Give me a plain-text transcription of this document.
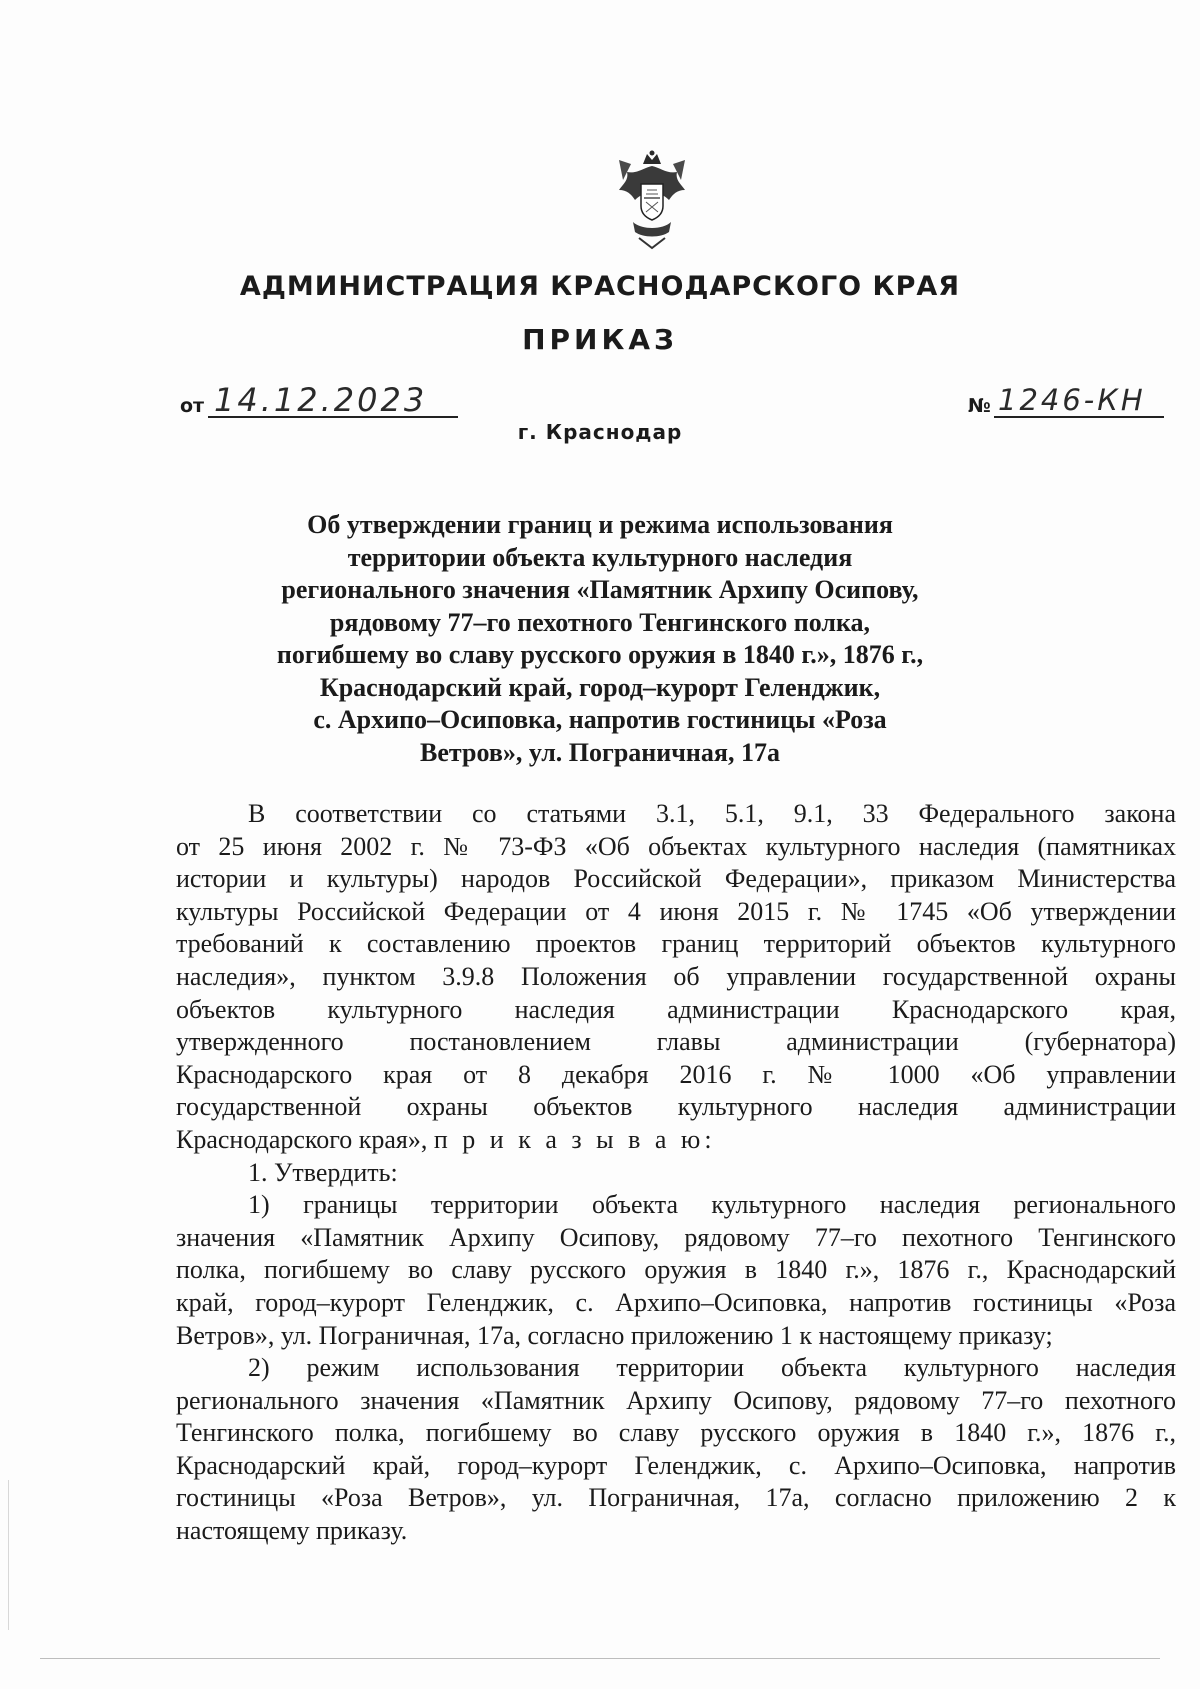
АДМИНИСТРАЦИЯ КРАСНОДАРСКОГО КРАЯ
ПРИКАЗ
от 14.12.2023	№ 1246-КН
г. Краснодар
Об утверждении границ и режима использования
территории объекта культурного наследия
регионального значения «Памятник Архипу Осипову,
рядовому 77–го пехотного Тенгинского полка,
погибшему во славу русского оружия в 1840 г.», 1876 г.,
Краснодарский край, город–курорт Геленджик,
с. Архипо–Осиповка, напротив гостиницы «Роза
Ветров», ул. Пограничная, 17а
В соответствии со статьями 3.1, 5.1, 9.1, 33 Федерального закона
от 25 июня 2002 г. № 73-ФЗ «Об объектах культурного наследия (памятниках
истории и культуры) народов Российской Федерации», приказом Министерства
культуры Российской Федерации от 4 июня 2015 г. № 1745 «Об утверждении
требований к составлению проектов границ территорий объектов культурного
наследия», пунктом 3.9.8 Положения об управлении государственной охраны
объектов культурного наследия администрации Краснодарского края,
утвержденного постановлением главы администрации (губернатора)
Краснодарского края от 8 декабря 2016 г. № 1000 «Об управлении
государственной охраны объектов культурного наследия администрации
Краснодарского края», п р и к а з ы в а ю:
1. Утвердить:
1) границы территории объекта культурного наследия регионального
значения «Памятник Архипу Осипову, рядовому 77–го пехотного Тенгинского
полка, погибшему во славу русского оружия в 1840 г.», 1876 г., Краснодарский
край, город–курорт Геленджик, с. Архипо–Осиповка, напротив гостиницы «Роза
Ветров», ул. Пограничная, 17а, согласно приложению 1 к настоящему приказу;
2) режим использования территории объекта культурного наследия
регионального значения «Памятник Архипу Осипову, рядовому 77–го пехотного
Тенгинского полка, погибшему во славу русского оружия в 1840 г.», 1876 г.,
Краснодарский край, город–курорт Геленджик, с. Архипо–Осиповка, напротив
гостиницы «Роза Ветров», ул. Пограничная, 17а, согласно приложению 2 к
настоящему приказу.
